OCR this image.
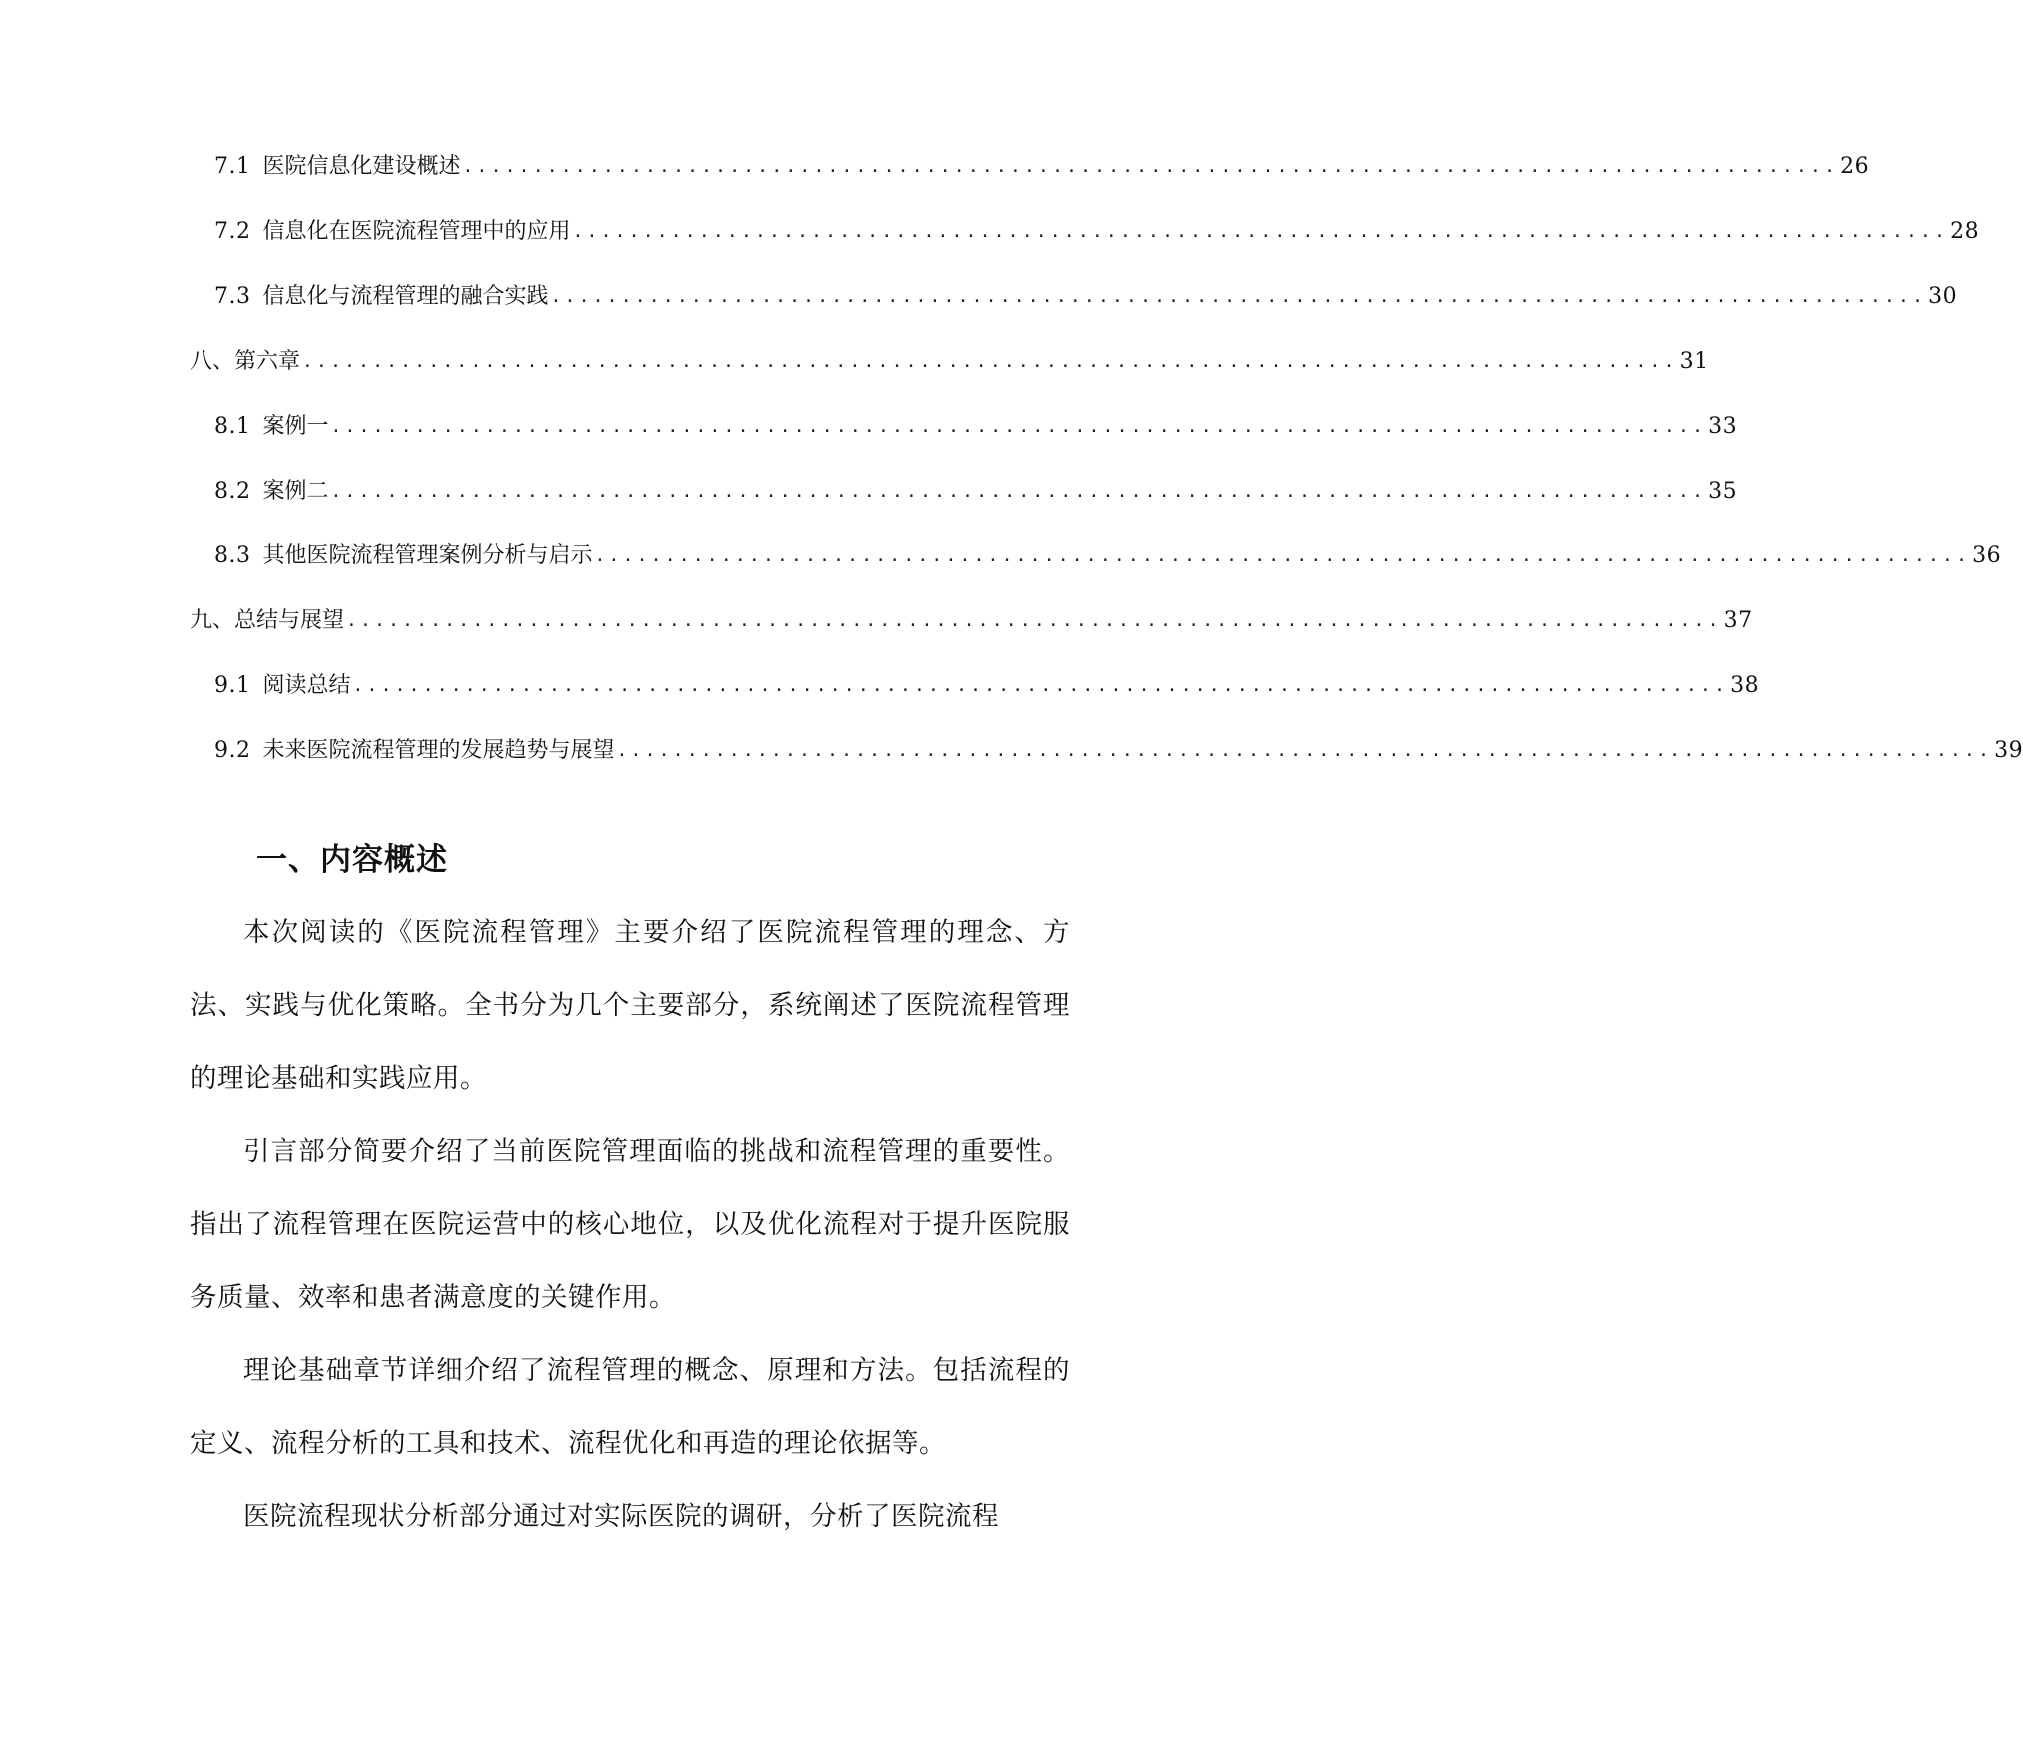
7.1 医院信息化建设概述 .................................................................................................. 26
7.2 信息化在医院流程管理中的应用 .................................................................................................. 28
7.3 信息化与流程管理的融合实践 .................................................................................................. 30
八、第六章 .................................................................................................. 31
8.1 案例一 .................................................................................................. 33
8.2 案例二 .................................................................................................. 35
8.3 其他医院流程管理案例分析与启示 .................................................................................................. 36
九、总结与展望 .................................................................................................. 37
9.1 阅读总结 .................................................................................................. 38
9.2 未来医院流程管理的发展趋势与展望 .................................................................................................. 39
一、内容概述

本次阅读的《医院流程管理》主要介绍了医院流程管理的理念、方法、实践与优化策略。全书分为几个主要部分，系统阐述了医院流程管理的理论基础和实践应用。

引言部分简要介绍了当前医院管理面临的挑战和流程管理的重要性。指出了流程管理在医院运营中的核心地位，以及优化流程对于提升医院服务质量、效率和患者满意度的关键作用。

理论基础章节详细介绍了流程管理的概念、原理和方法。包括流程的定义、流程分析的工具和技术、流程优化和再造的理论依据等。

医院流程现状分析部分通过对实际医院的调研，分析了医院流程
